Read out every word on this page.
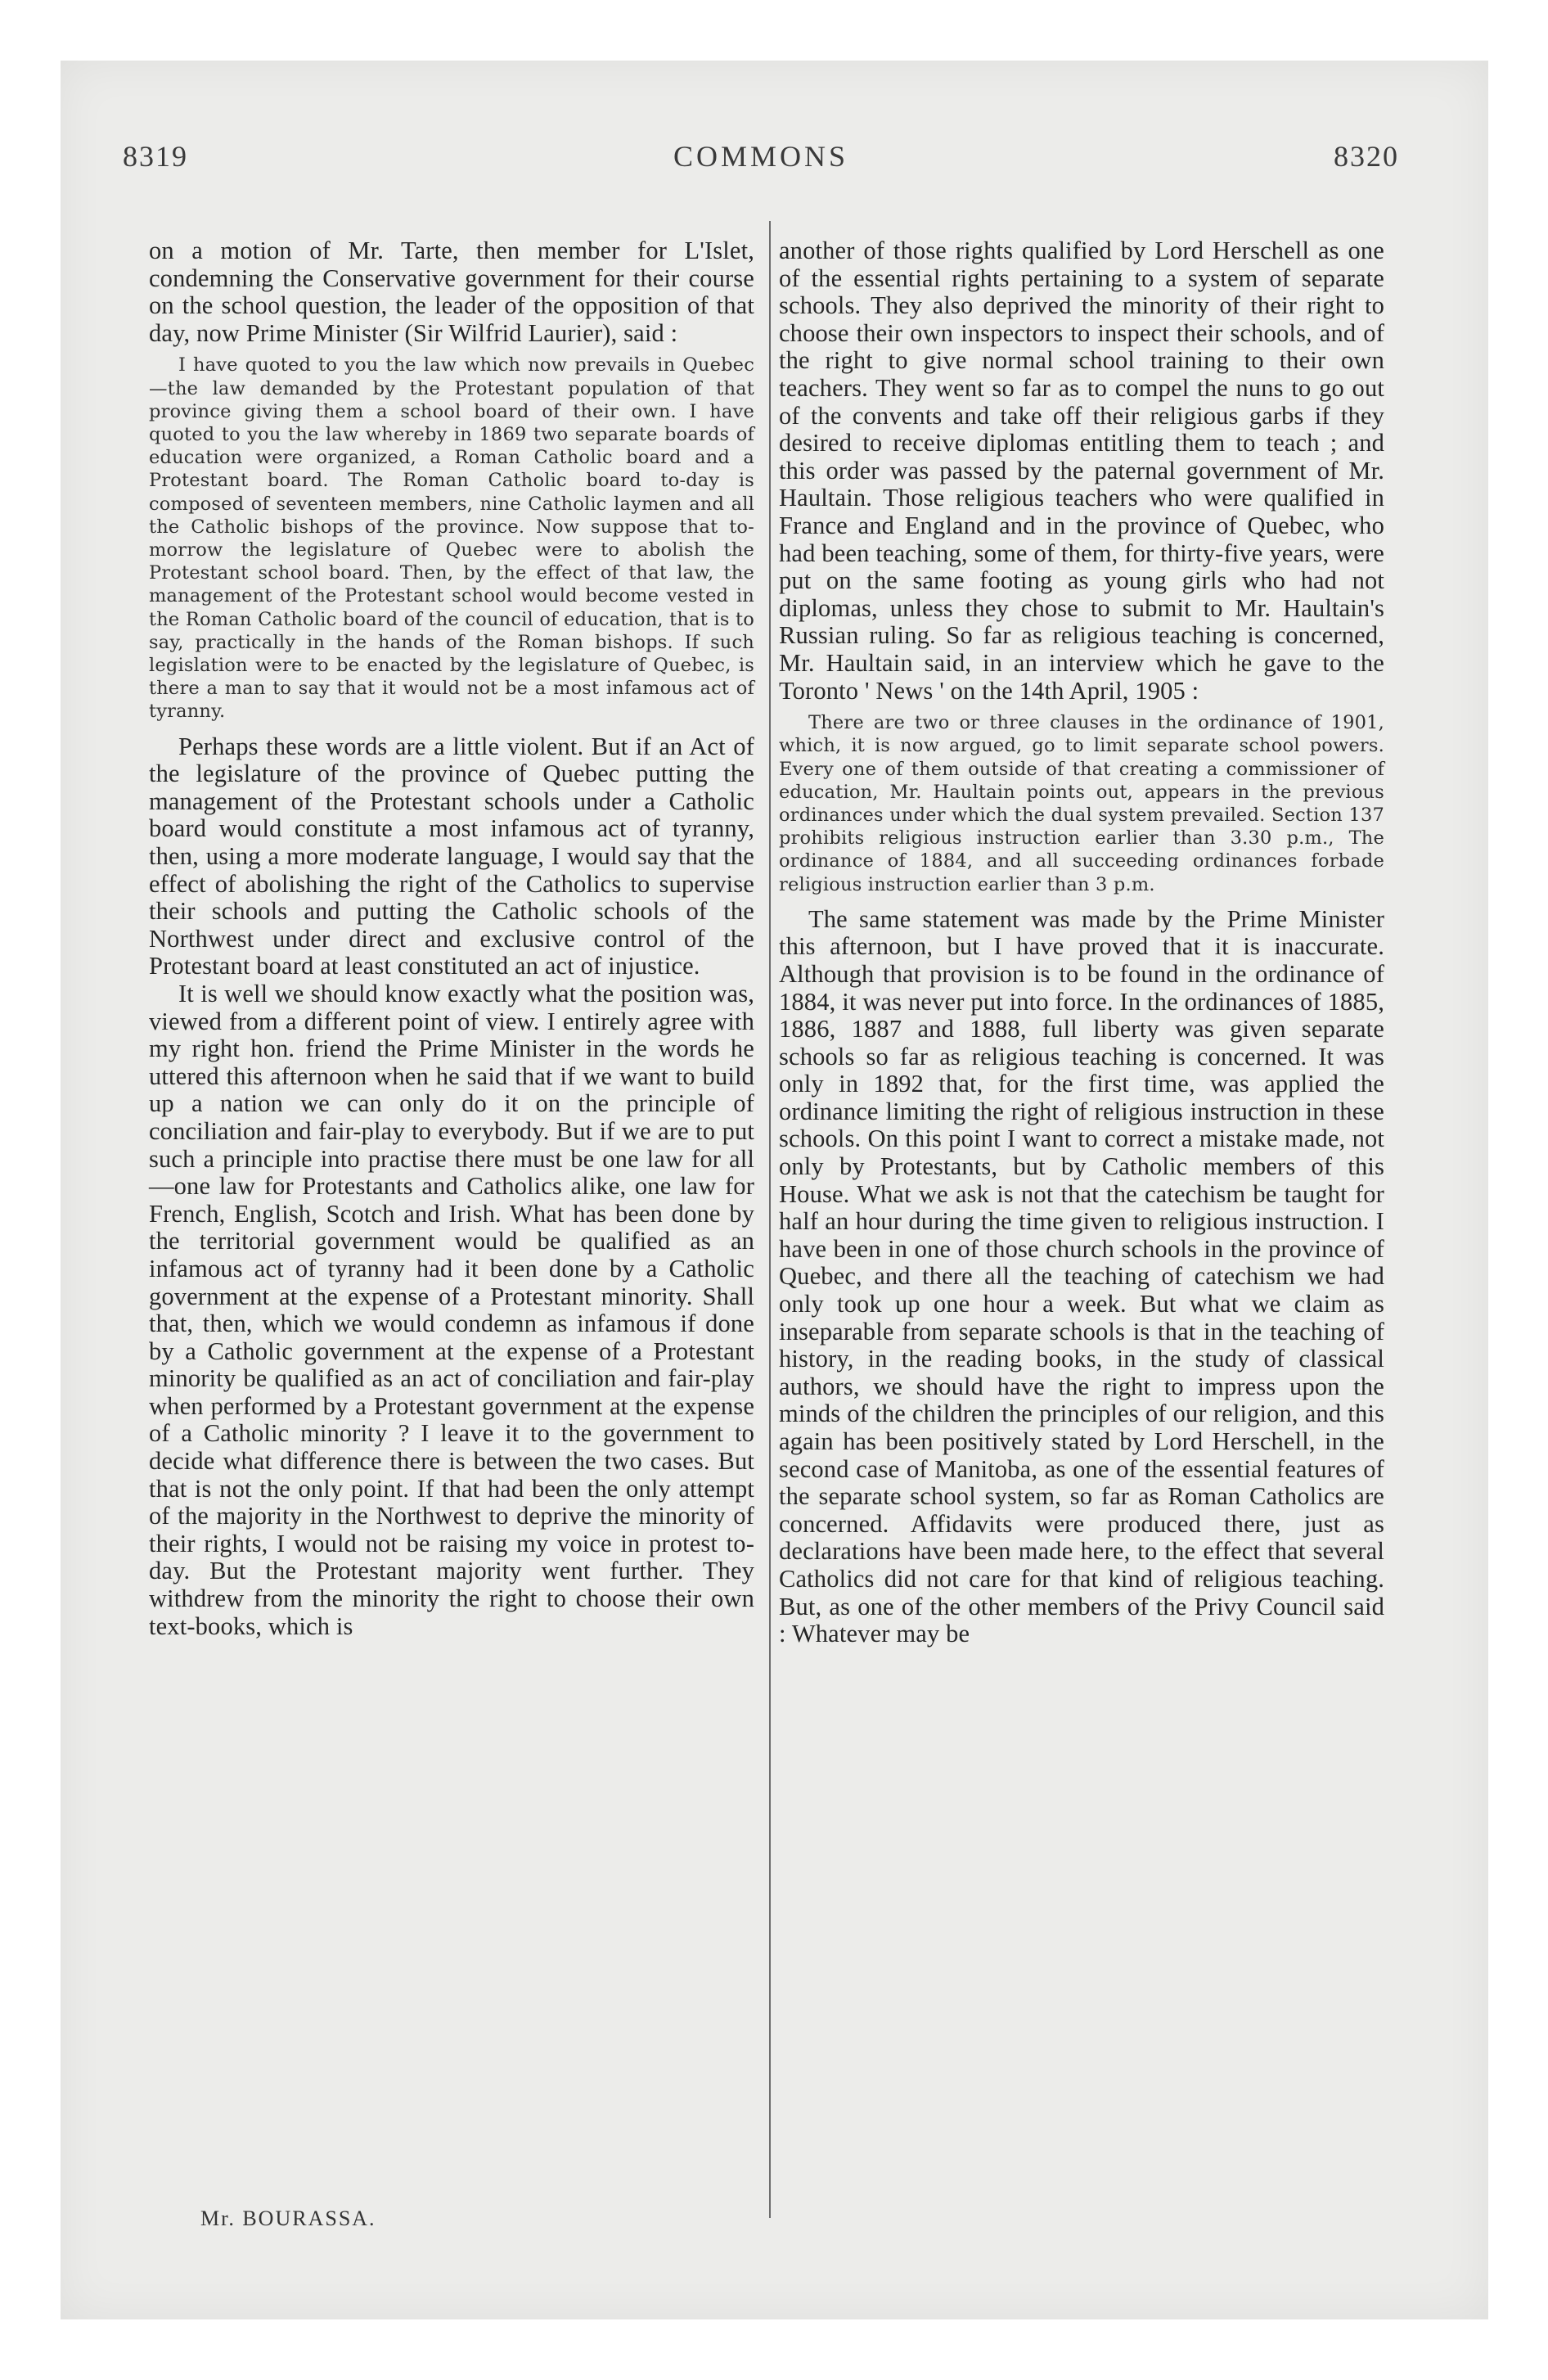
8319	COMMONS	8320

on a motion of Mr. Tarte, then member for L'Islet, condemning the Conservative government for their course on the school question, the leader of the opposition of that day, now Prime Minister (Sir Wilfrid Laurier), said :

I have quoted to you the law which now prevails in Quebec—the law demanded by the Protestant population of that province giving them a school board of their own. I have quoted to you the law whereby in 1869 two separate boards of education were organized, a Roman Catholic board and a Protestant board. The Roman Catholic board to-day is composed of seventeen members, nine Catholic laymen and all the Catholic bishops of the province. Now suppose that to-morrow the legislature of Quebec were to abolish the Protestant school board. Then, by the effect of that law, the management of the Protestant school would become vested in the Roman Catholic board of the council of education, that is to say, practically in the hands of the Roman bishops. If such legislation were to be enacted by the legislature of Quebec, is there a man to say that it would not be a most infamous act of tyranny.

Perhaps these words are a little violent. But if an Act of the legislature of the province of Quebec putting the management of the Protestant schools under a Catholic board would constitute a most infamous act of tyranny, then, using a more moderate language, I would say that the effect of abolishing the right of the Catholics to supervise their schools and putting the Catholic schools of the Northwest under direct and exclusive control of the Protestant board at least constituted an act of injustice.

It is well we should know exactly what the position was, viewed from a different point of view. I entirely agree with my right hon. friend the Prime Minister in the words he uttered this afternoon when he said that if we want to build up a nation we can only do it on the principle of conciliation and fair-play to everybody. But if we are to put such a principle into practise there must be one law for all—one law for Protestants and Catholics alike, one law for French, English, Scotch and Irish. What has been done by the territorial government would be qualified as an infamous act of tyranny had it been done by a Catholic government at the expense of a Protestant minority. Shall that, then, which we would condemn as infamous if done by a Catholic government at the expense of a Protestant minority be qualified as an act of conciliation and fair-play when performed by a Protestant government at the expense of a Catholic minority ? I leave it to the government to decide what difference there is between the two cases. But that is not the only point. If that had been the only attempt of the majority in the Northwest to deprive the minority of their rights, I would not be raising my voice in protest to-day. But the Protestant majority went further. They withdrew from the minority the right to choose their own text-books, which is

another of those rights qualified by Lord Herschell as one of the essential rights pertaining to a system of separate schools. They also deprived the minority of their right to choose their own inspectors to inspect their schools, and of the right to give normal school training to their own teachers. They went so far as to compel the nuns to go out of the convents and take off their religious garbs if they desired to receive diplomas entitling them to teach ; and this order was passed by the paternal government of Mr. Haultain. Those religious teachers who were qualified in France and England and in the province of Quebec, who had been teaching, some of them, for thirty-five years, were put on the same footing as young girls who had not diplomas, unless they chose to submit to Mr. Haultain's Russian ruling. So far as religious teaching is concerned, Mr. Haultain said, in an interview which he gave to the Toronto ' News ' on the 14th April, 1905 :

There are two or three clauses in the ordinance of 1901, which, it is now argued, go to limit separate school powers. Every one of them outside of that creating a commissioner of education, Mr. Haultain points out, appears in the previous ordinances under which the dual system prevailed. Section 137 prohibits religious instruction earlier than 3.30 p.m., The ordinance of 1884, and all succeeding ordinances forbade religious instruction earlier than 3 p.m.

The same statement was made by the Prime Minister this afternoon, but I have proved that it is inaccurate. Although that provision is to be found in the ordinance of 1884, it was never put into force. In the ordinances of 1885, 1886, 1887 and 1888, full liberty was given separate schools so far as religious teaching is concerned. It was only in 1892 that, for the first time, was applied the ordinance limiting the right of religious instruction in these schools. On this point I want to correct a mistake made, not only by Protestants, but by Catholic members of this House. What we ask is not that the catechism be taught for half an hour during the time given to religious instruction. I have been in one of those church schools in the province of Quebec, and there all the teaching of catechism we had only took up one hour a week. But what we claim as inseparable from separate schools is that in the teaching of history, in the reading books, in the study of classical authors, we should have the right to impress upon the minds of the children the principles of our religion, and this again has been positively stated by Lord Herschell, in the second case of Manitoba, as one of the essential features of the separate school system, so far as Roman Catholics are concerned. Affidavits were produced there, just as declarations have been made here, to the effect that several Catholics did not care for that kind of religious teaching. But, as one of the other members of the Privy Council said : Whatever may be

Mr. BOURASSA.
